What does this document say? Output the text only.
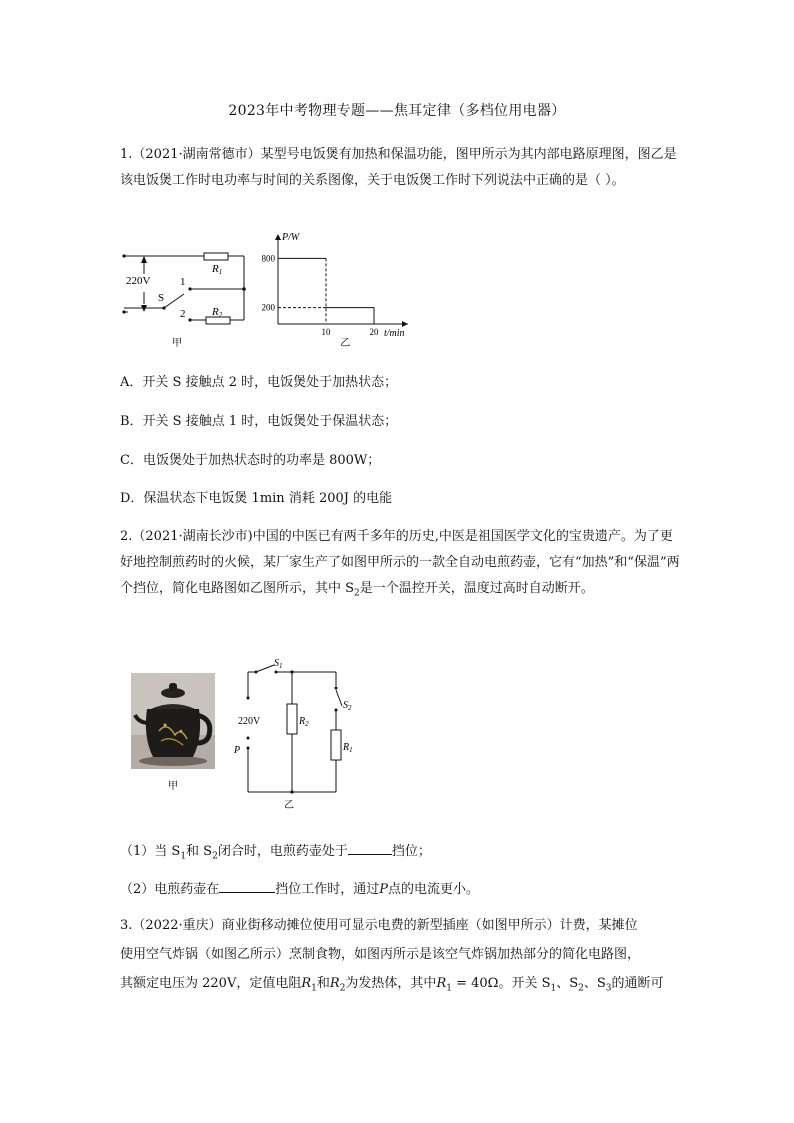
2023年中考物理专题——焦耳定律（多档位用电器）
1.（2021·湖南常德市）某型号电饭煲有加热和保温功能，图甲所示为其内部电路原理图，图乙是该电饭煲工作时电功率与时间的关系图像，关于电饭煲工作时下列说法中正确的是（ ）。
220V
S
1
2
R1
R2
甲
P/W
t/min
200
800
10	20
乙
A．开关 S 接触点 2 时，电饭煲处于加热状态；
B．开关 S 接触点 1 时，电饭煲处于保温状态；
C．电饭煲处于加热状态时的功率是 800W；
D．保温状态下电饭煲 1min 消耗 200J 的电能
2.（2021·湖南长沙市)中国的中医已有两千多年的历史,中医是祖国医学文化的宝贵遗产。为了更好地控制煎药时的火候，某厂家生产了如图甲所示的一款全自动电煎药壶，它有“加热”和“保温”两个挡位，简化电路图如乙图所示，其中 $S_2$是一个温控开关，温度过高时自动断开。
甲
$S_1$
$S_2$
220V
P
$R_2$
$R_1$
乙
（1）当 $S_1$和 $S_2$闭合时，电煎药壶处于	挡位；
（2）电煎药壶在	挡位工作时，通过P点的电流更小。
3.（2022·重庆）商业街移动摊位使用可显示电费的新型插座（如图甲所示）计费，某摊位
使用空气炸锅（如图乙所示）烹制食物，如图丙所示是该空气炸锅加热部分的简化电路图，
其额定电压为 220V，定值电阻$R_1$和$R_2$为发热体，其中$R_1 = 40\Omega$。开关 $S_1$、$S_2$、$S_3$的通断可
